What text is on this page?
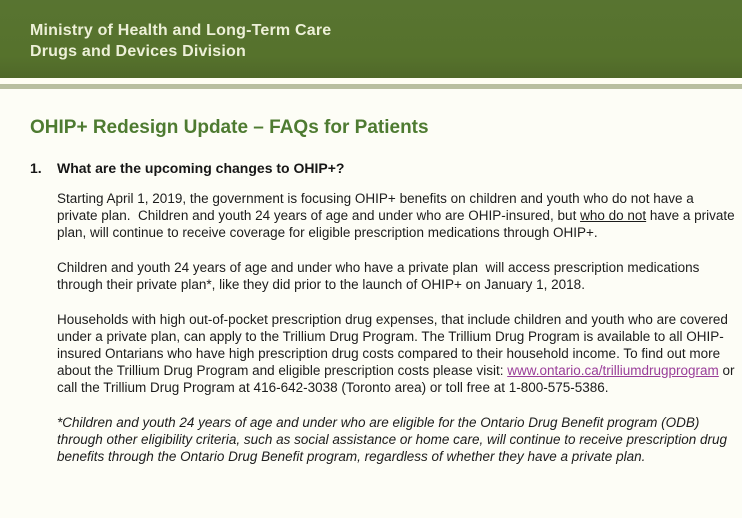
Ministry of Health and Long-Term Care
Drugs and Devices Division
OHIP+ Redesign Update – FAQs for Patients
1.	What are the upcoming changes to OHIP+?

Starting April 1, 2019, the government is focusing OHIP+ benefits on children and youth who do not have a private plan.  Children and youth 24 years of age and under who are OHIP-insured, but who do not have a private plan, will continue to receive coverage for eligible prescription medications through OHIP+.

Children and youth 24 years of age and under who have a private plan  will access prescription medications through their private plan*, like they did prior to the launch of OHIP+ on January 1, 2018.

Households with high out-of-pocket prescription drug expenses, that include children and youth who are covered under a private plan, can apply to the Trillium Drug Program. The Trillium Drug Program is available to all OHIP-insured Ontarians who have high prescription drug costs compared to their household income. To find out more about the Trillium Drug Program and eligible prescription costs please visit: www.ontario.ca/trilliumdrugprogram or call the Trillium Drug Program at 416-642-3038 (Toronto area) or toll free at 1-800-575-5386.

*Children and youth 24 years of age and under who are eligible for the Ontario Drug Benefit program (ODB) through other eligibility criteria, such as social assistance or home care, will continue to receive prescription drug benefits through the Ontario Drug Benefit program, regardless of whether they have a private plan.
